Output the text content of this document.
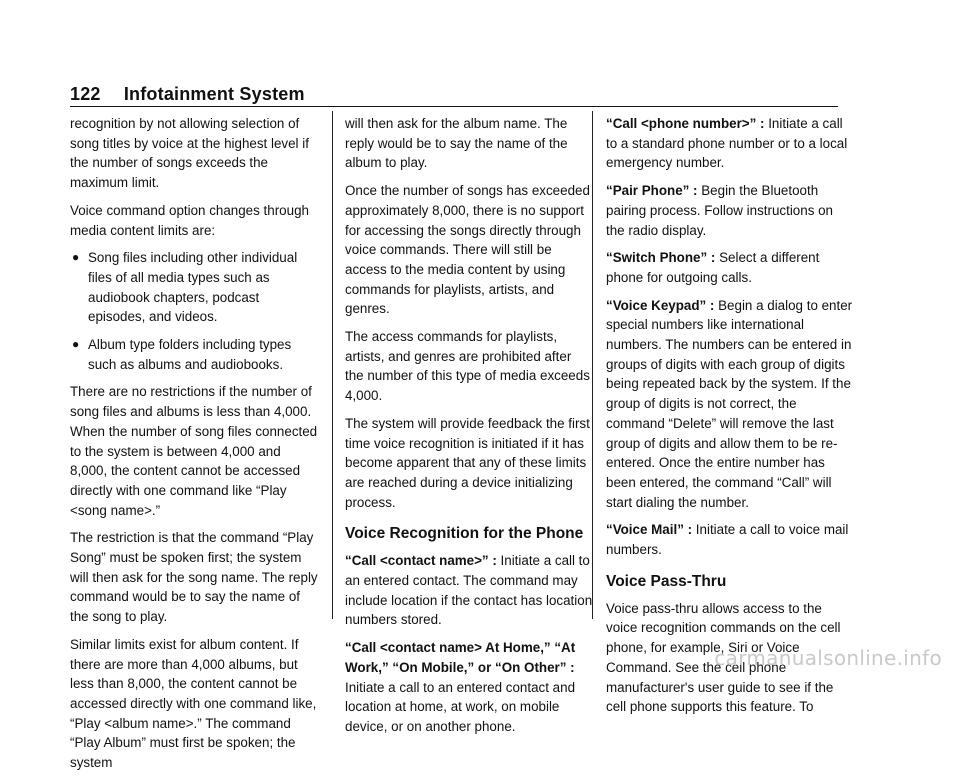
122 Infotainment System

recognition by not allowing selection of song titles by voice at the highest level if the number of songs exceeds the maximum limit.

Voice command option changes through media content limits are:

● Song files including other individual files of all media types such as audiobook chapters, podcast episodes, and videos.
● Album type folders including types such as albums and audiobooks.

There are no restrictions if the number of song files and albums is less than 4,000. When the number of song files connected to the system is between 4,000 and 8,000, the content cannot be accessed directly with one command like “Play <song name>.”

The restriction is that the command “Play Song” must be spoken first; the system will then ask for the song name. The reply command would be to say the name of the song to play.

Similar limits exist for album content. If there are more than 4,000 albums, but less than 8,000, the content cannot be accessed directly with one command like, “Play <album name>.” The command “Play Album” must first be spoken; the system

will then ask for the album name. The reply would be to say the name of the album to play.

Once the number of songs has exceeded approximately 8,000, there is no support for accessing the songs directly through voice commands. There will still be access to the media content by using commands for playlists, artists, and genres.

The access commands for playlists, artists, and genres are prohibited after the number of this type of media exceeds 4,000.

The system will provide feedback the first time voice recognition is initiated if it has become apparent that any of these limits are reached during a device initializing process.

Voice Recognition for the Phone

“Call <contact name>” : Initiate a call to an entered contact. The command may include location if the contact has location numbers stored.

“Call <contact name> At Home,” “At Work,” “On Mobile,” or “On Other” : Initiate a call to an entered contact and location at home, at work, on mobile device, or on another phone.

“Call <phone number>” : Initiate a call to a standard phone number or to a local emergency number.

“Pair Phone” : Begin the Bluetooth pairing process. Follow instructions on the radio display.

“Switch Phone” : Select a different phone for outgoing calls.

“Voice Keypad” : Begin a dialog to enter special numbers like international numbers. The numbers can be entered in groups of digits with each group of digits being repeated back by the system. If the group of digits is not correct, the command “Delete” will remove the last group of digits and allow them to be re-entered. Once the entire number has been entered, the command “Call” will start dialing the number.

“Voice Mail” : Initiate a call to voice mail numbers.

Voice Pass-Thru

Voice pass-thru allows access to the voice recognition commands on the cell phone, for example, Siri or Voice Command. See the cell phone manufacturer's user guide to see if the cell phone supports this feature. To

carmanualsonline.info
